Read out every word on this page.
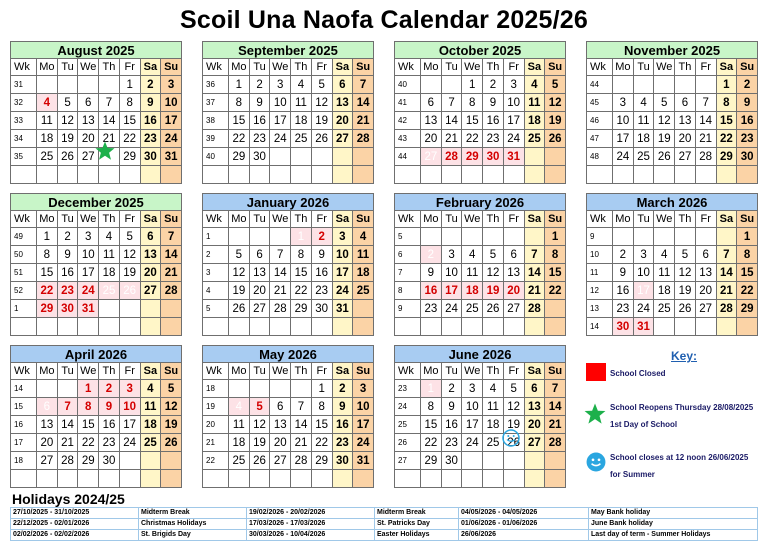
Scoil Una Naofa Calendar 2025/26
August 2025
Wk	Mo	Tu	We	Th	Fr	Sa	Su
31					1	2	3
32	4	5	6	7	8	9	10
33	11	12	13	14	15	16	17
34	18	19	20	21	22	23	24
35	25	26	27		29	30	31

September 2025
Wk	Mo	Tu	We	Th	Fr	Sa	Su
36	1	2	3	4	5	6	7
37	8	9	10	11	12	13	14
38	15	16	17	18	19	20	21
39	22	23	24	25	26	27	28
40	29	30					

October 2025
Wk	Mo	Tu	We	Th	Fr	Sa	Su
40			1	2	3	4	5
41	6	7	8	9	10	11	12
42	13	14	15	16	17	18	19
43	20	21	22	23	24	25	26
44	27	28	29	30	31		

November 2025
Wk	Mo	Tu	We	Th	Fr	Sa	Su
44						1	2
45	3	4	5	6	7	8	9
46	10	11	12	13	14	15	16
47	17	18	19	20	21	22	23
48	24	25	26	27	28	29	30

December 2025
Wk	Mo	Tu	We	Th	Fr	Sa	Su
49	1	2	3	4	5	6	7
50	8	9	10	11	12	13	14
51	15	16	17	18	19	20	21
52	22	23	24	25	26	27	28
1	29	30	31				

January 2026
Wk	Mo	Tu	We	Th	Fr	Sa	Su
1				1	2	3	4
2	5	6	7	8	9	10	11
3	12	13	14	15	16	17	18
4	19	20	21	22	23	24	25
5	26	27	28	29	30	31	

February 2026
Wk	Mo	Tu	We	Th	Fr	Sa	Su
5							1
6	2	3	4	5	6	7	8
7	9	10	11	12	13	14	15
8	16	17	18	19	20	21	22
9	23	24	25	26	27	28	

March 2026
Wk	Mo	Tu	We	Th	Fr	Sa	Su
9							1
10	2	3	4	5	6	7	8
11	9	10	11	12	13	14	15
12	16	17	18	19	20	21	22
13	23	24	25	26	27	28	29
14	30	31					
April 2026
Wk	Mo	Tu	We	Th	Fr	Sa	Su
14			1	2	3	4	5
15	6	7	8	9	10	11	12
16	13	14	15	16	17	18	19
17	20	21	22	23	24	25	26
18	27	28	29	30			

May 2026
Wk	Mo	Tu	We	Th	Fr	Sa	Su
18					1	2	3
19	4	5	6	7	8	9	10
20	11	12	13	14	15	16	17
21	18	19	20	21	22	23	24
22	25	26	27	28	29	30	31

June 2026
Wk	Mo	Tu	We	Th	Fr	Sa	Su
23	1	2	3	4	5	6	7
24	8	9	10	11	12	13	14
25	15	16	17	18	19	20	21
26	22	23	24	25	26	27	28
27	29	30					

Key:
School Closed
School Reopens Thursday 28/08/2025
1st Day of School
School closes at 12 noon 26/06/2025
for Summer
Holidays 2024/25
27/10/2025 - 31/10/2025	Midterm Break	19/02/2026 - 20/02/2026	Midterm Break	04/05/2026 - 04/05/2026	May Bank holiday
22/12/2025 - 02/01/2026	Christmas Holidays	17/03/2026 - 17/03/2026	St. Patricks Day	01/06/2026 - 01/06/2026	June Bank holiday
02/02/2026 - 02/02/2026	St. Brigids Day	30/03/2026 - 10/04/2026	Easter Holidays	26/06/2026	Last day of term - Summer Holidays
